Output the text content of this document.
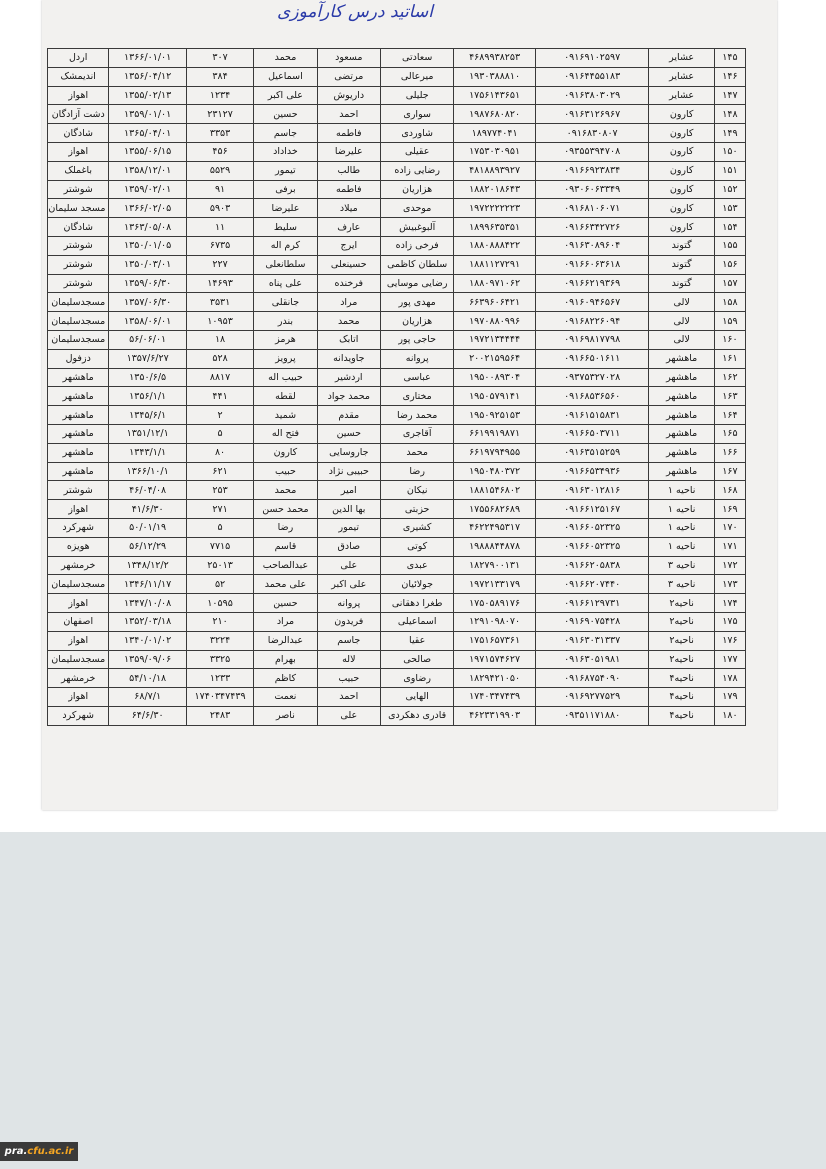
اساتید درس کارآموزی
۱۴۵	عشایر	۰۹۱۶۹۱۰۲۵۹۷	۴۶۸۹۹۳۸۲۵۳	سعادتی	مسعود	محمد	۳۰۷	۱۳۶۶/۰۱/۰۱	اردل
۱۴۶	عشایر	۰۹۱۶۴۴۵۵۱۸۳	۱۹۳۰۳۸۸۸۱۰	میرعالی	مرتضی	اسماعیل	۳۸۴	۱۳۵۶/۰۴/۱۲	اندیمشک
۱۴۷	عشایر	۰۹۱۶۳۸۰۳۰۲۹	۱۷۵۶۱۴۳۶۵۱	جلیلی	داریوش	علی اکبر	۱۲۳۴	۱۳۵۵/۰۲/۱۳	اهواز
۱۴۸	کارون	۰۹۱۶۳۱۲۶۹۶۷	۱۹۸۷۶۸۰۸۲۰	سواری	احمد	حسین	۲۳۱۲۷	۱۳۵۹/۰۱/۰۱	دشت آزادگان
۱۴۹	کارون	۰۹۱۶۸۳۰۸۰۷	۱۸۹۷۷۴۰۴۱	شاوردی	فاطمه	جاسم	۳۳۵۳	۱۳۶۵/۰۴/۰۱	شادگان
۱۵۰	کارون	۰۹۳۵۵۳۹۴۷۰۸	۱۷۵۳۰۳۰۹۵۱	عقیلی	علیرضا	خداداد	۴۵۶	۱۳۵۵/۰۶/۱۵	اهواز
۱۵۱	کارون	۰۹۱۶۶۹۲۳۸۳۴	۴۸۱۸۸۹۳۹۲۷	رضایی زاده	طالب	تیمور	۵۵۲۹	۱۳۵۸/۱۲/۰۱	باغملک
۱۵۲	کارون	۰۹۳۰۶۰۶۳۳۴۹	۱۸۸۲۰۱۸۶۴۳	هزاریان	فاطمه	برفی	۹۱	۱۳۵۹/۰۲/۰۱	شوشتر
۱۵۳	کارون	۰۹۱۶۸۱۰۶۰۷۱	۱۹۷۲۲۲۲۲۲۳	موحدی	میلاد	علیرضا	۵۹۰۳	۱۳۶۶/۰۲/۰۵	مسجد سلیمان
۱۵۴	کارون	۰۹۱۶۶۳۴۲۷۲۶	۱۸۹۹۶۳۵۳۵۱	آلبوغبیش	عارف	سلیط	۱۱	۱۳۶۳/۰۵/۰۸	شادگان
۱۵۵	گتوند	۰۹۱۶۳۰۸۹۶۰۴	۱۸۸۰۸۸۸۴۲۲	فرخی زاده	ایرج	کرم اله	۶۷۳۵	۱۳۵۰/۰۱/۰۵	شوشتر
۱۵۶	گتوند	۰۹۱۶۶۰۶۳۶۱۸	۱۸۸۱۱۲۷۲۹۱	سلطان کاظمی	حسینعلی	سلطانعلی	۲۲۷	۱۳۵۰/۰۳/۰۱	شوشتر
۱۵۷	گتوند	۰۹۱۶۶۲۱۹۳۶۹	۱۸۸۰۹۷۱۰۶۲	رضایی موسایی	فرخنده	علی پناه	۱۴۶۹۳	۱۳۵۹/۰۶/۳۰	شوشتر
۱۵۸	لالی	۰۹۱۶۰۹۴۶۵۶۷	۶۶۳۹۶۰۶۴۲۱	مهدی پور	مراد	جانقلی	۳۵۳۱	۱۳۵۷/۰۶/۳۰	مسجدسلیمان
۱۵۹	لالی	۰۹۱۶۸۲۲۶۰۹۴	۱۹۷۰۸۸۰۹۹۶	هزاریان	محمد	بندر	۱۰۹۵۳	۱۳۵۸/۰۶/۰۱	مسجدسلیمان
۱۶۰	لالی	۰۹۱۶۹۸۱۷۷۹۸	۱۹۷۲۱۳۴۴۴۴	حاجی پور	اتابک	هرمز	۱۸	۵۶/۰۶/۰۱	مسجدسلیمان
۱۶۱	ماهشهر	۰۹۱۶۶۵۰۱۶۱۱	۲۰۰۲۱۵۹۵۶۴	پروانه	جاویدانه	پرویز	۵۲۸	۱۳۵۷/۶/۲۷	دزفول
۱۶۲	ماهشهر	۰۹۳۷۵۳۲۷۰۲۸	۱۹۵۰۰۸۹۳۰۴	عباسی	اردشیر	حبیب اله	۸۸۱۷	۱۳۵۰/۶/۵	ماهشهر
۱۶۳	ماهشهر	۰۹۱۶۸۵۳۶۵۶۰	۱۹۵۰۵۷۹۱۴۱	مختاری	محمد جواد	لقطه	۴۴۱	۱۳۵۶/۱/۱	ماهشهر
۱۶۴	ماهشهر	۰۹۱۶۱۵۱۵۸۳۱	۱۹۵۰۹۲۵۱۵۳	محمد رضا	مقدم	شمید	۲	۱۳۴۵/۶/۱	ماهشهر
۱۶۵	ماهشهر	۰۹۱۶۶۵۰۳۷۱۱	۶۶۱۹۹۱۹۸۷۱	آقاجری	حسین	فتح اله	۵	۱۳۵۱/۱۲/۱	ماهشهر
۱۶۶	ماهشهر	۰۹۱۶۳۵۱۵۲۵۹	۶۶۱۹۷۹۴۹۵۵	محمد	جاروسایی	کارون	۸۰	۱۳۴۳/۱/۱	ماهشهر
۱۶۷	ماهشهر	۰۹۱۶۶۵۳۴۹۳۶	۱۹۵۰۴۸۰۳۷۲	رضا	حبیبی نژاد	حبیب	۶۲۱	۱۳۶۶/۱۰/۱	ماهشهر
۱۶۸	ناحیه ۱	۰۹۱۶۳۰۱۲۸۱۶	۱۸۸۱۵۴۶۸۰۲	نیکان	امیر	محمد	۲۵۳	۴۶/۰۴/۰۸	شوشتر
۱۶۹	ناحیه ۱	۰۹۱۶۶۱۲۵۱۶۷	۱۷۵۵۶۸۲۶۸۹	حزبتی	بها الدین	محمد حسن	۲۷۱	۴۱/۶/۳۰	اهواز
۱۷۰	ناحیه ۱	۰۹۱۶۶۰۵۲۳۲۵	۴۶۲۲۴۹۵۳۱۷	کشیری	تیمور	رضا	۵	۵۰/۰۱/۱۹	شهرکرد
۱۷۱	ناحیه ۱	۰۹۱۶۶۰۵۲۳۲۵	۱۹۸۸۸۴۴۸۷۸	کوتی	صادق	قاسم	۷۷۱۵	۵۶/۱۲/۲۹	هویزه
۱۷۲	ناحیه ۳	۰۹۱۶۶۲۰۵۸۳۸	۱۸۲۷۹۰۰۱۳۱	عبدی	علی	عبدالصاحب	۲۵۰۱۳	۱۳۴۸/۱۲/۲	خرمشهر
۱۷۳	ناحیه ۳	۰۹۱۶۶۲۰۷۴۴۰	۱۹۷۲۱۳۳۱۷۹	جولائیان	علی اکبر	علی محمد	۵۲	۱۳۴۶/۱۱/۱۷	مسجدسلیمان
۱۷۴	ناحیه۲	۰۹۱۶۶۱۲۹۷۳۱	۱۷۵۰۵۸۹۱۷۶	طغرا دهقانی	پروانه	حسین	۱۰۵۹۵	۱۳۴۷/۱۰/۰۸	اهواز
۱۷۵	ناحیه۲	۰۹۱۶۹۰۷۵۴۲۸	۱۲۹۱۰۹۸۰۷۰	اسماعیلی	فریدون	مراد	۲۱۰	۱۳۵۲/۰۳/۱۸	اصفهان
۱۷۶	ناحیه۲	۰۹۱۶۳۰۳۱۳۳۷	۱۷۵۱۶۵۷۳۶۱	عقیا	جاسم	عبدالرضا	۳۲۲۴	۱۳۴۰/۰۱/۰۲	اهواز
۱۷۷	ناحیه۲	۰۹۱۶۳۰۵۱۹۸۱	۱۹۷۱۵۷۴۶۲۷	صالحی	لاله	بهرام	۳۳۲۵	۱۳۵۹/۰۹/۰۶	مسجدسلیمان
۱۷۸	ناحیه۴	۰۹۱۶۸۷۵۴۰۹۰	۱۸۲۹۴۲۱۰۵۰	رضاوی	حبیب	کاظم	۱۲۳۳	۵۴/۱۰/۱۸	خرمشهر
۱۷۹	ناحیه۴	۰۹۱۶۹۲۷۷۵۲۹	۱۷۴۰۳۴۷۴۳۹	الهایی	احمد	نعمت	۱۷۴۰۳۴۷۴۳۹	۶۸/۷/۱	اهواز
۱۸۰	ناحیه۴	۰۹۳۵۱۱۷۱۸۸۰	۴۶۲۳۳۱۹۹۰۳	قادری دهکردی	علی	ناصر	۲۴۸۳	۶۴/۶/۳۰	شهرکرد
pra.cfu.ac.ir
